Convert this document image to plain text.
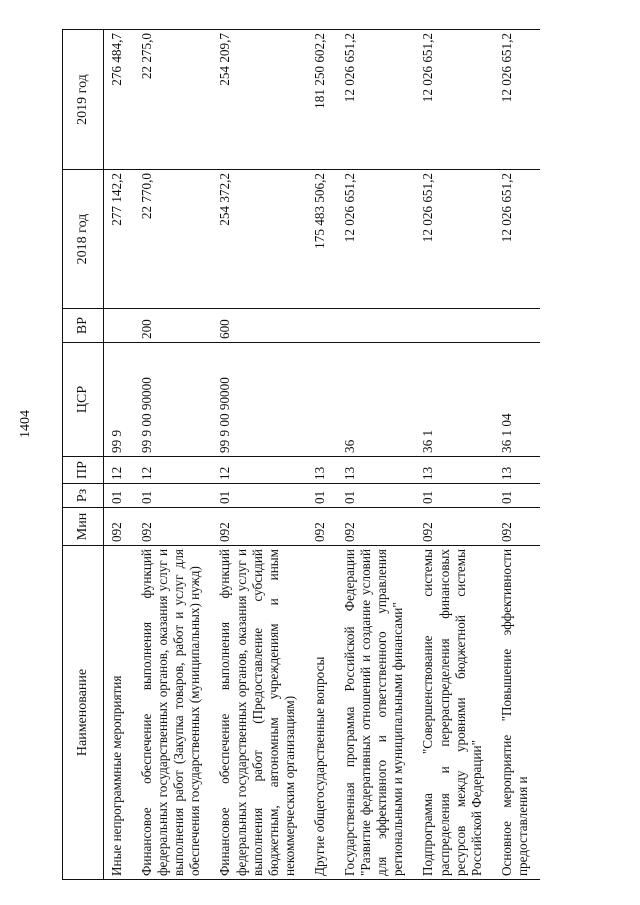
1404
Наименование	Мин	Рз	ПР	ЦСР	ВР	2018 год	2019 год
Иные непрограммные мероприятия	092	01	12	99 9		277 142,2	276 484,7
Финансовое обеспечение выполнения функций федеральных государственных органов, оказания услуг и выполнения работ (Закупка товаров, работ и услуг для обеспечения государственных (муниципальных) нужд)	092	01	12	99 9 00 90000	200	22 770,0	22 275,0
Финансовое обеспечение выполнения функций федеральных государственных органов, оказания услуг и выполнения работ (Предоставление субсидий бюджетным, автономным учреждениям и иным некоммерческим организациям)	092	01	12	99 9 00 90000	600	254 372,2	254 209,7
Другие общегосударственные вопросы	092	01	13			175 483 506,2	181 250 602,2
Государственная программа Российской Федерации "Развитие федеративных отношений и создание условий для эффективного и ответственного управления региональными и муниципальными финансами"	092	01	13	36		12 026 651,2	12 026 651,2
Подпрограмма "Совершенствование системы распределения и перераспределения финансовых ресурсов между уровнями бюджетной системы Российской Федерации"	092	01	13	36 1		12 026 651,2	12 026 651,2
Основное мероприятие "Повышение эффективности предоставления и	092	01	13	36 1 04		12 026 651,2	12 026 651,2
